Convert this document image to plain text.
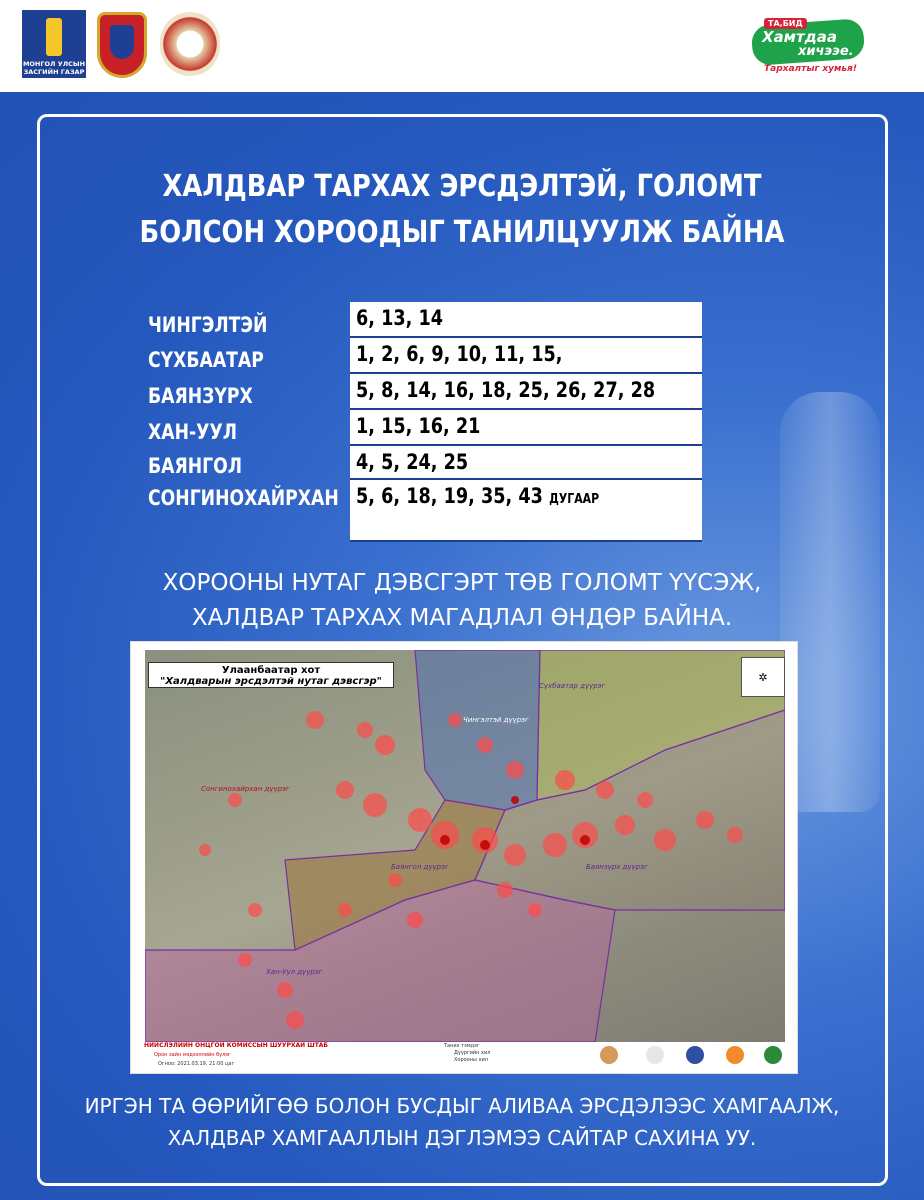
МОНГОЛ УЛСЫН ЗАСГИЙН ГАЗАР
ТА,БИД
Хамтдаа
хичээе.
Тархалтыг хумья!
ХАЛДВАР ТАРХАХ ЭРСДЭЛТЭЙ, ГОЛОМТ
БОЛСОН ХОРООДЫГ ТАНИЛЦУУЛЖ БАЙНА
ЧИНГЭЛТЭЙ	6, 13, 14
СҮХБААТАР	1, 2, 6, 9, 10, 11, 15,
БАЯНЗҮРХ	5, 8, 14, 16, 18, 25, 26, 27, 28
ХАН-УУЛ	1, 15, 16, 21
БАЯНГОЛ	4, 5, 24, 25
СОНГИНОХАЙРХАН 5, 6, 18, 19, 35, 43 ДУГААР
ХОРООНЫ НУТАГ ДЭВСГЭРТ ТӨВ ГОЛОМТ ҮҮСЭЖ,
ХАЛДВАР ТАРХАХ МАГАДЛАЛ ӨНДӨР БАЙНА.
Сүхбаатар дүүрэг
Чингэлтэй дүүрэг
Сонгинохайрхан дүүрэг
Баянгол дүүрэг	Баянзүрх дүүрэг
Хан-Уул дүүрэг
Улаанбаатар хот
"Халдварын эрсдэлтэй нутаг дэвсгэр"	✲
НИЙСЛЭЛИЙН ОНЦГОЙ КОМИССЫН ШУУРХАЙ ШТАБ
Орон зайн мэдээллийн бүлэг
Огноо: 2021.03.19, 21:00 цаг
Таних тэмдэг
Дүүргийн хил
Хорооны хил
ИРГЭН ТА ӨӨРИЙГӨӨ БОЛОН БУСДЫГ АЛИВАА ЭРСДЭЛЭЭС ХАМГААЛЖ,
ХАЛДВАР ХАМГААЛЛЫН ДЭГЛЭМЭЭ САЙТАР САХИНА УУ.
